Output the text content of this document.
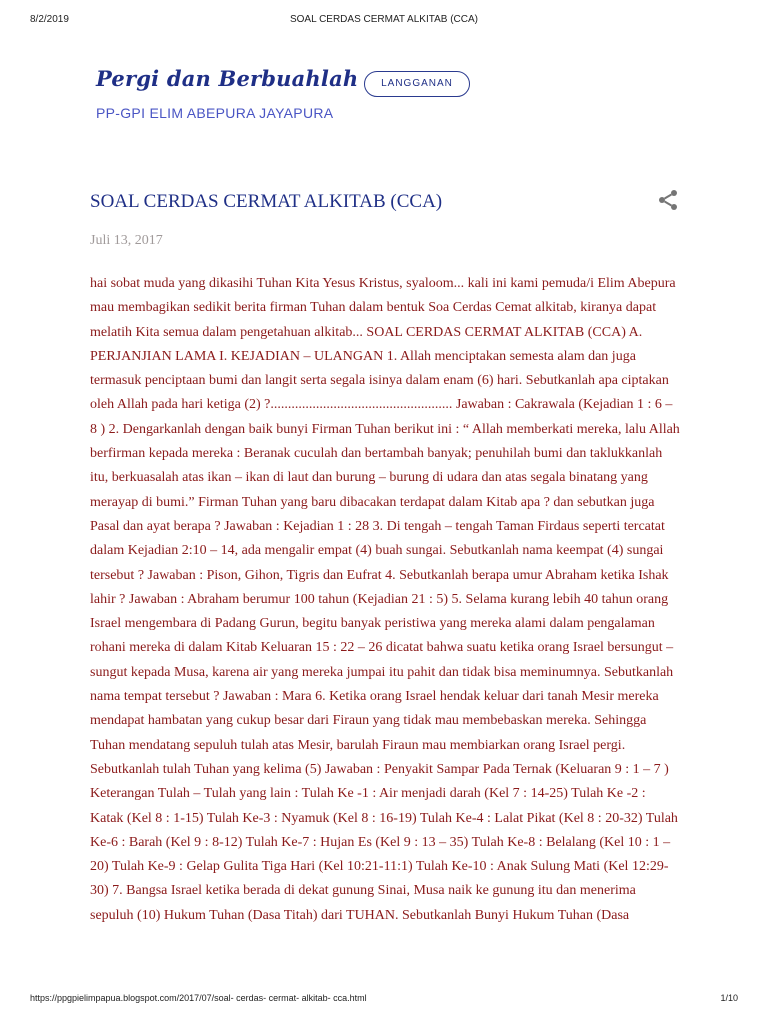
8/2/2019	SOAL CERDAS CERMAT ALKITAB (CCA)
Pergi dan Berbuahlah	LANGGANAN
PP-GPI ELIM ABEPURA JAYAPURA
SOAL CERDAS CERMAT ALKITAB (CCA)
Juli 13, 2017
hai sobat muda yang dikasihi Tuhan Kita Yesus Kristus, syaloom... kali ini kami pemuda/i Elim Abepura mau membagikan sedikit berita firman Tuhan dalam bentuk Soa Cerdas Cemat alkitab, kiranya dapat melatih Kita semua dalam pengetahuan alkitab... SOAL CERDAS CERMAT ALKITAB (CCA) A. PERJANJIAN LAMA I. KEJADIAN – ULANGAN 1. Allah menciptakan semesta alam dan juga termasuk penciptaan bumi dan langit serta segala isinya dalam enam (6) hari. Sebutkanlah apa ciptakan oleh Allah pada hari ketiga (2) ?.................................................... Jawaban : Cakrawala (Kejadian 1 : 6 – 8 ) 2. Dengarkanlah dengan baik bunyi Firman Tuhan berikut ini : “ Allah memberkati mereka, lalu Allah berfirman kepada mereka : Beranak cuculah dan bertambah banyak; penuhilah bumi dan taklukkanlah itu, berkuasalah atas ikan – ikan di laut dan burung – burung di udara dan atas segala binatang yang merayap di bumi.” Firman Tuhan yang baru dibacakan terdapat dalam Kitab apa ? dan sebutkan juga Pasal dan ayat berapa ? Jawaban : Kejadian 1 : 28 3. Di tengah – tengah Taman Firdaus seperti tercatat dalam Kejadian 2:10 – 14, ada mengalir empat (4) buah sungai. Sebutkanlah nama keempat (4) sungai tersebut ? Jawaban : Pison, Gihon, Tigris dan Eufrat 4. Sebutkanlah berapa umur Abraham ketika Ishak lahir ? Jawaban : Abraham berumur 100 tahun (Kejadian 21 : 5) 5. Selama kurang lebih 40 tahun orang Israel mengembara di Padang Gurun, begitu banyak peristiwa yang mereka alami dalam pengalaman rohani mereka di dalam Kitab Keluaran 15 : 22 – 26 dicatat bahwa suatu ketika orang Israel bersungut – sungut kepada Musa, karena air yang mereka jumpai itu pahit dan tidak bisa meminumnya. Sebutkanlah nama tempat tersebut ? Jawaban : Mara 6. Ketika orang Israel hendak keluar dari tanah Mesir mereka mendapat hambatan yang cukup besar dari Firaun yang tidak mau membebaskan mereka. Sehingga Tuhan mendatang sepuluh tulah atas Mesir, barulah Firaun mau membiarkan orang Israel pergi. Sebutkanlah tulah Tuhan yang kelima (5) Jawaban : Penyakit Sampar Pada Ternak (Keluaran 9 : 1 – 7 ) Keterangan Tulah – Tulah yang lain : Tulah Ke -1 : Air menjadi darah (Kel 7 : 14-25) Tulah Ke -2 : Katak (Kel 8 : 1-15) Tulah Ke-3 : Nyamuk (Kel 8 : 16-19) Tulah Ke-4 : Lalat Pikat (Kel 8 : 20-32) Tulah Ke-6 : Barah (Kel 9 : 8-12) Tulah Ke-7 : Hujan Es (Kel 9 : 13 – 35) Tulah Ke-8 : Belalang (Kel 10 : 1 – 20) Tulah Ke-9 : Gelap Gulita Tiga Hari (Kel 10:21-11:1) Tulah Ke-10 : Anak Sulung Mati (Kel 12:29-30) 7. Bangsa Israel ketika berada di dekat gunung Sinai, Musa naik ke gunung itu dan menerima sepuluh (10) Hukum Tuhan (Dasa Titah) dari TUHAN. Sebutkanlah Bunyi Hukum Tuhan (Dasa
https://ppgpielimpapua.blogspot.com/2017/07/soal- cerdas- cermat- alkitab- cca.html	1/10
